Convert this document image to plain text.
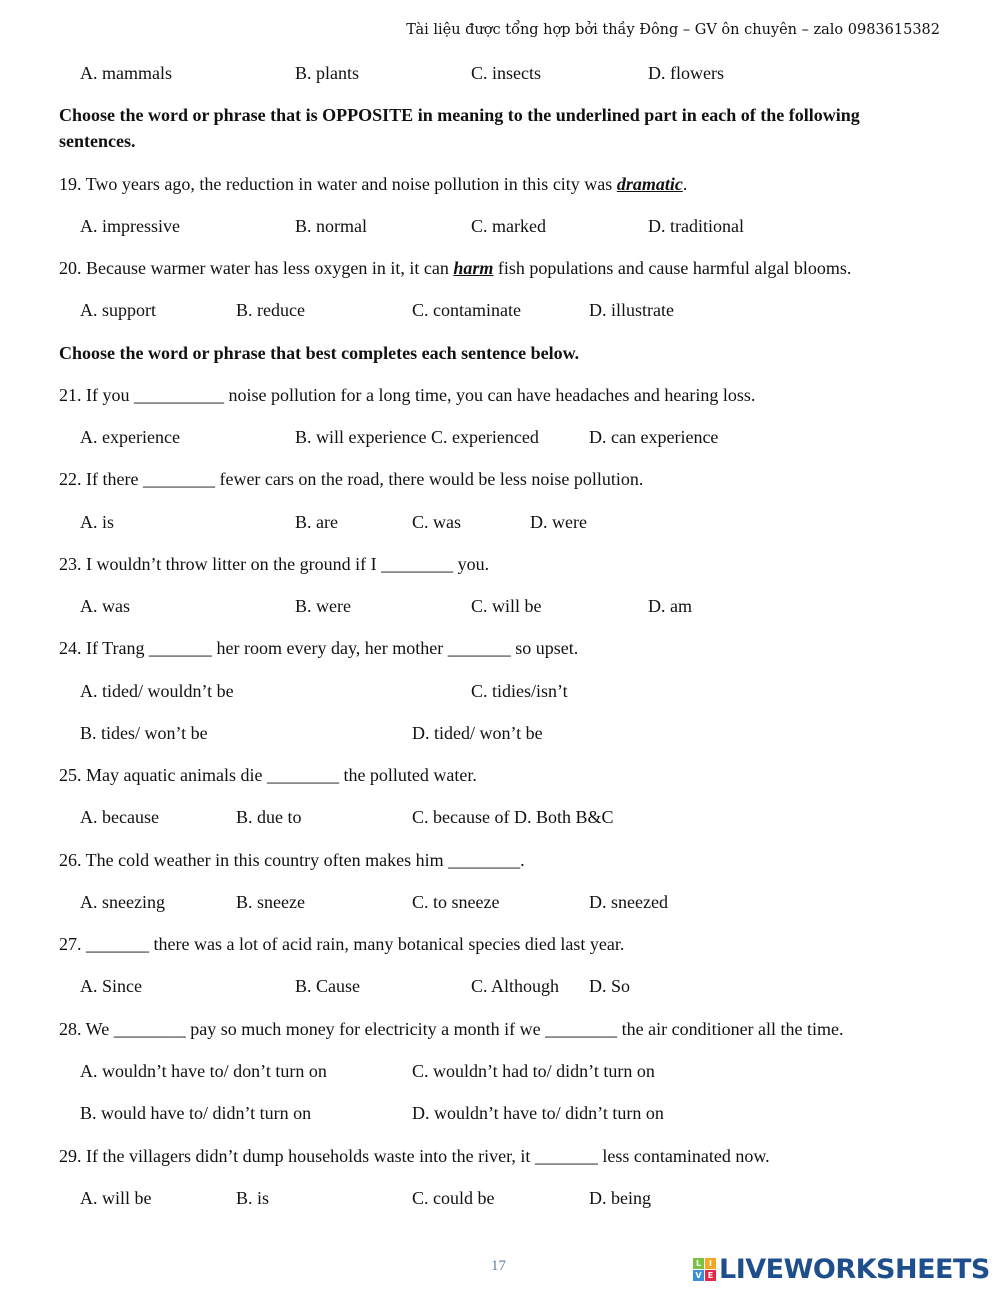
Tài liệu được tổng hợp bởi thầy Đông – GV ôn chuyên – zalo 0983615382
A. mammals	B. plants	C. insects	D. flowers
Choose the word or phrase that is OPPOSITE in meaning to the underlined part in each of the following
sentences.
19. Two years ago, the reduction in water and noise pollution in this city was dramatic.
A. impressive	B. normal	C. marked	D. traditional
20. Because warmer water has less oxygen in it, it can harm fish populations and cause harmful algal blooms.
A. support	B. reduce	C. contaminate	D. illustrate
Choose the word or phrase that best completes each sentence below.
21. If you __________ noise pollution for a long time, you can have headaches and hearing loss.
A. experience	B. will experience C. experienced	D. can experience
22. If there ________ fewer cars on the road, there would be less noise pollution.
A. is	B. are	C. was	D. were
23. I wouldn’t throw litter on the ground if I ________ you.
A. was	B. were	C. will be	D. am
24. If Trang _______ her room every day, her mother _______ so upset.
A. tided/ wouldn’t be	C. tidies/isn’t
B. tides/ won’t be	D. tided/ won’t be
25. May aquatic animals die ________ the polluted water.
A. because	B. due to	C. because of D. Both B&C
26. The cold weather in this country often makes him ________.
A. sneezing	B. sneeze	C. to sneeze	D. sneezed
27. _______ there was a lot of acid rain, many botanical species died last year.
A. Since	B. Cause	C. Although D. So
28. We ________ pay so much money for electricity a month if we ________ the air conditioner all the time.
A. wouldn’t have to/ don’t turn on	C. wouldn’t had to/ didn’t turn on
B. would have to/ didn’t turn on	D. wouldn’t have to/ didn’t turn on
29. If the villagers didn’t dump households waste into the river, it _______ less contaminated now.
A. will be	B. is	C. could be	D. being
17	L I
V E LIVEWORKSHEETS
